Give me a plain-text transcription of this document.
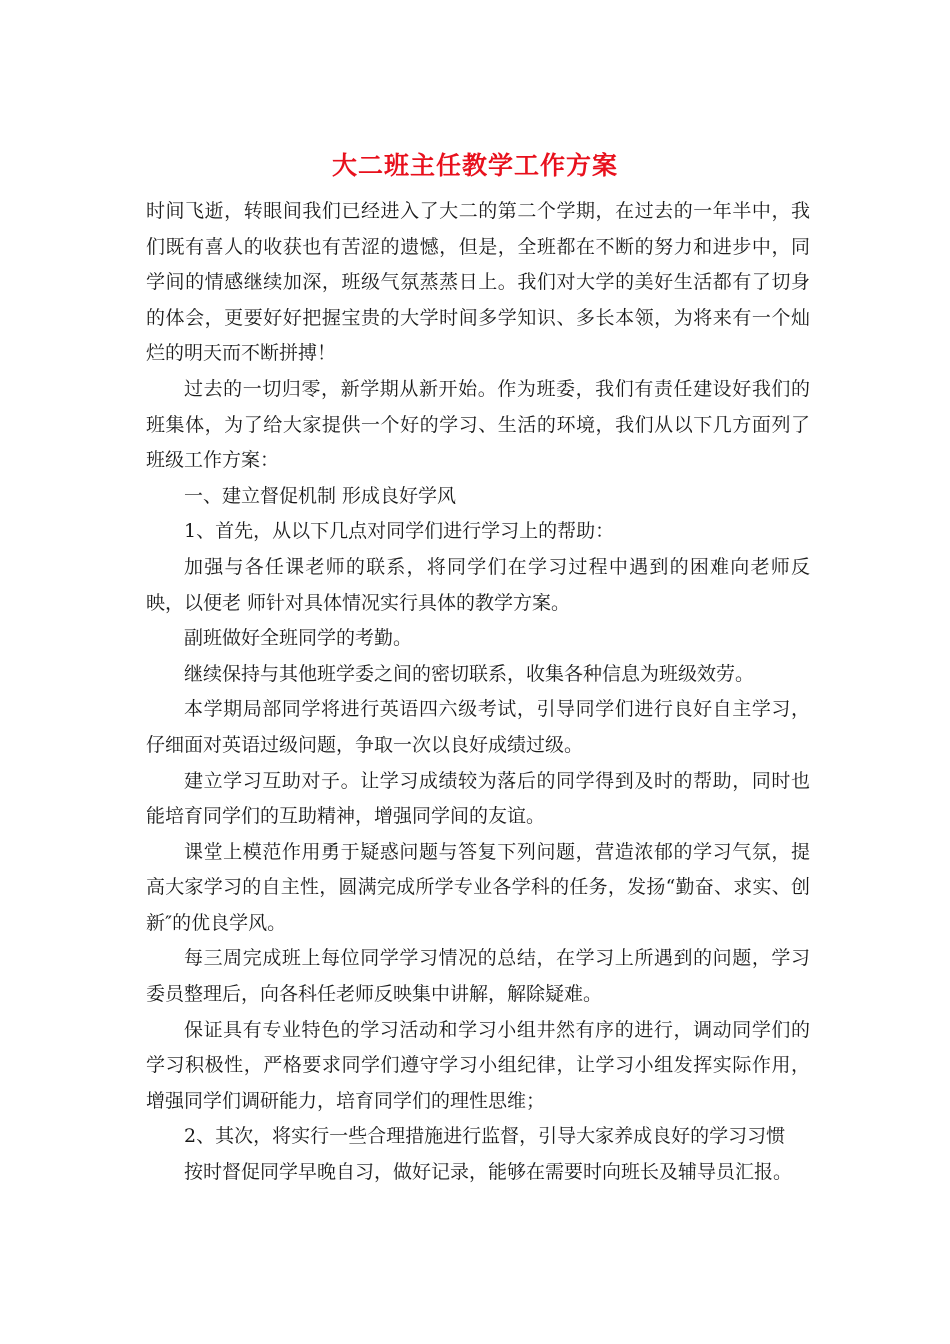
大二班主任教学工作方案

时间飞逝，转眼间我们已经进入了大二的第二个学期，在过去的一年半中，我们既有喜人的收获也有苦涩的遗憾，但是，全班都在不断的努力和进步中，同学间的情感继续加深，班级气氛蒸蒸日上。我们对大学的美好生活都有了切身的体会，更要好好把握宝贵的大学时间多学知识、多长本领，为将来有一个灿烂的明天而不断拼搏！

过去的一切归零，新学期从新开始。作为班委，我们有责任建设好我们的班集体，为了给大家提供一个好的学习、生活的环境，我们从以下几方面列了班级工作方案：

一、建立督促机制 形成良好学风

1、首先，从以下几点对同学们进行学习上的帮助：

加强与各任课老师的联系，将同学们在学习过程中遇到的困难向老师反映，以便老 师针对具体情况实行具体的教学方案。

副班做好全班同学的考勤。

继续保持与其他班学委之间的密切联系，收集各种信息为班级效劳。

本学期局部同学将进行英语四六级考试，引导同学们进行良好自主学习，仔细面对英语过级问题，争取一次以良好成绩过级。

建立学习互助对子。让学习成绩较为落后的同学得到及时的帮助，同时也能培育同学们的互助精神，增强同学间的友谊。

课堂上模范作用勇于疑惑问题与答复下列问题，营造浓郁的学习气氛，提高大家学习的自主性，圆满完成所学专业各学科的任务，发扬“勤奋、求实、创新″的优良学风。

每三周完成班上每位同学学习情况的总结，在学习上所遇到的问题，学习委员整理后，向各科任老师反映集中讲解，解除疑难。

保证具有专业特色的学习活动和学习小组井然有序的进行，调动同学们的学习积极性，严格要求同学们遵守学习小组纪律，让学习小组发挥实际作用，增强同学们调研能力，培育同学们的理性思维；

2、其次，将实行一些合理措施进行监督，引导大家养成良好的学习习惯

按时督促同学早晚自习，做好记录，能够在需要时向班长及辅导员汇报。
